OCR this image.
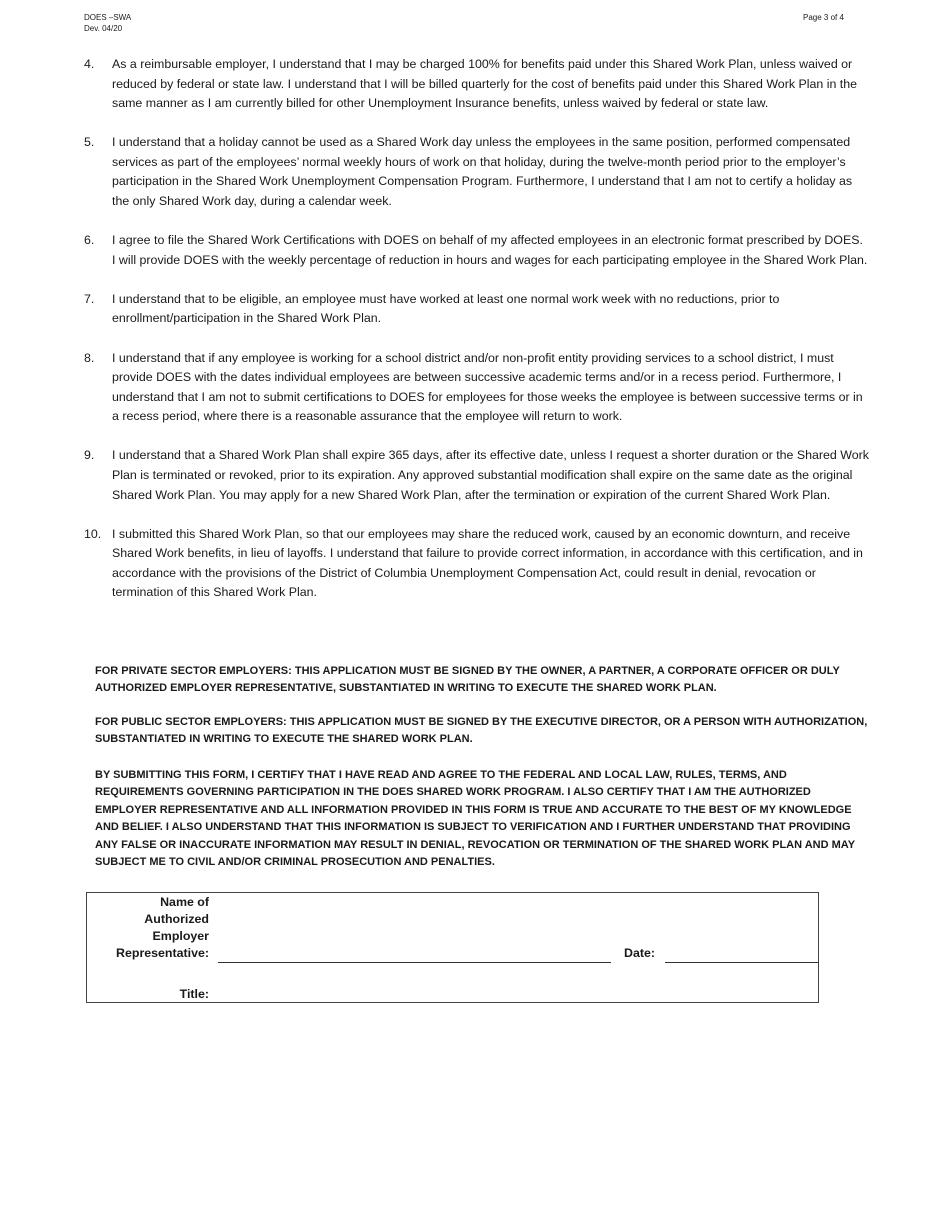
DOES –SWA
Dev. 04/20
Page 3 of 4
4.	As a reimbursable employer, I understand that I may be charged 100% for benefits paid under this Shared Work Plan, unless waived or reduced by federal or state law. I understand that I will be billed quarterly for the cost of benefits paid under this Shared Work Plan in the same manner as I am currently billed for other Unemployment Insurance benefits, unless waived by federal or state law.
5.	I understand that a holiday cannot be used as a Shared Work day unless the employees in the same position, performed compensated services as part of the employees’ normal weekly hours of work on that holiday, during the twelve-month period prior to the employer’s participation in the Shared Work Unemployment Compensation Program. Furthermore, I understand that I am not to certify a holiday as the only Shared Work day, during a calendar week.
6.	I agree to file the Shared Work Certifications with DOES on behalf of my affected employees in an electronic format prescribed by DOES. I will provide DOES with the weekly percentage of reduction in hours and wages for each participating employee in the Shared Work Plan.
7.	I understand that to be eligible, an employee must have worked at least one normal work week with no reductions, prior to enrollment/participation in the Shared Work Plan.
8.	I understand that if any employee is working for a school district and/or non-profit entity providing services to a school district, I must provide DOES with the dates individual employees are between successive academic terms and/or in a recess period. Furthermore, I understand that I am not to submit certifications to DOES for employees for those weeks the employee is between successive terms or in a recess period, where there is a reasonable assurance that the employee will return to work.
9.	I understand that a Shared Work Plan shall expire 365 days, after its effective date, unless I request a shorter duration or the Shared Work Plan is terminated or revoked, prior to its expiration. Any approved substantial modification shall expire on the same date as the original Shared Work Plan. You may apply for a new Shared Work Plan, after the termination or expiration of the current Shared Work Plan.
10. I submitted this Shared Work Plan, so that our employees may share the reduced work, caused by an economic downturn, and receive Shared Work benefits, in lieu of layoffs. I understand that failure to provide correct information, in accordance with this certification, and in accordance with the provisions of the District of Columbia Unemployment Compensation Act, could result in denial, revocation or termination of this Shared Work Plan.
FOR PRIVATE SECTOR EMPLOYERS: THIS APPLICATION MUST BE SIGNED BY THE OWNER, A PARTNER, A CORPORATE OFFICER OR DULY AUTHORIZED EMPLOYER REPRESENTATIVE, SUBSTANTIATED IN WRITING TO EXECUTE THE SHARED WORK PLAN.
FOR PUBLIC SECTOR EMPLOYERS: THIS APPLICATION MUST BE SIGNED BY THE EXECUTIVE DIRECTOR, OR A PERSON WITH AUTHORIZATION, SUBSTANTIATED IN WRITING TO EXECUTE THE SHARED WORK PLAN.
BY SUBMITTING THIS FORM, I CERTIFY THAT I HAVE READ AND AGREE TO THE FEDERAL AND LOCAL LAW, RULES, TERMS, AND REQUIREMENTS GOVERNING PARTICIPATION IN THE DOES SHARED WORK PROGRAM. I ALSO CERTIFY THAT I AM THE AUTHORIZED EMPLOYER REPRESENTATIVE AND ALL INFORMATION PROVIDED IN THIS FORM IS TRUE AND ACCURATE TO THE BEST OF MY KNOWLEDGE AND BELIEF. I ALSO UNDERSTAND THAT THIS INFORMATION IS SUBJECT TO VERIFICATION AND I FURTHER UNDERSTAND THAT PROVIDING ANY FALSE OR INACCURATE INFORMATION MAY RESULT IN DENIAL, REVOCATION OR TERMINATION OF THE SHARED WORK PLAN AND MAY SUBJECT ME TO CIVIL AND/OR CRIMINAL PROSECUTION AND PENALTIES.
Name of
Authorized
Employer
Representative:	Date:
Title:
